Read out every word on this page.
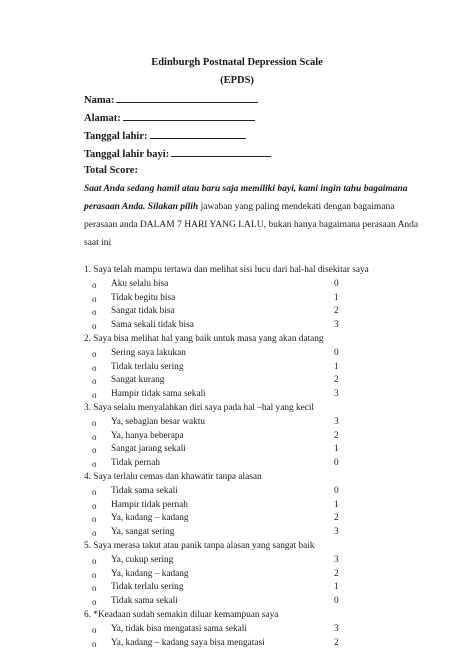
Edinburgh Postnatal Depression Scale
(EPDS)
Nama:
Alamat:
Tanggal lahir:
Tanggal lahir bayi:
Total Score:
Saat Anda sedang hamil atau baru saja memiliki bayi, kami ingin tahu bagaimana
perasaan Anda. Silakan pilih jawaban yang paling mendekati dengan bagaimana
perasaan anda DALAM 7 HARI YANG LALU, bukan hanya bagaimana perasaan Anda
saat ini
1. Saya telah mampu tertawa dan melihat sisi lucu dari hal-hal disekitar saya
o Aku selalu bisa	0
o Tidak begitu bisa	1
o Sangat tidak bisa	2
o Sama sekali tidak bisa	3
2. Saya bisa melihat hal yang baik untuk masa yang akan datang
o Sering saya lakukan	0
o Tidak terlalu sering	1
o Sangat kurang	2
o Hampir tidak sama sekali	3
3. Saya selalu menyalahkan diri saya pada hal –hal yang kecil
o Ya, sebagian besar waktu	3
o Ya, hanya beberapa	2
o Sangat jarang sekali	1
o Tidak pernah	0
4. Saya terlalu cemas dan khawatir tanpa alasan
o Tidak sama sekali	0
o Hampir tidak pernah	1
o Ya, kadang – kadang	2
o Ya, sangat sering	3
5. Saya merasa takut atau panik tanpa alasan yang sangat baik
o Ya, cukup sering	3
o Ya, kadang – kadang	2
o Tidak terlalu sering	1
o Tidak sama sekali	0
6. *Keadaan sudah semakin diluar kemampuan saya
o Ya, tidak bisa mengatasi sama sekali	3
o Ya, kadang – kadang saya bisa mengatasi	2
